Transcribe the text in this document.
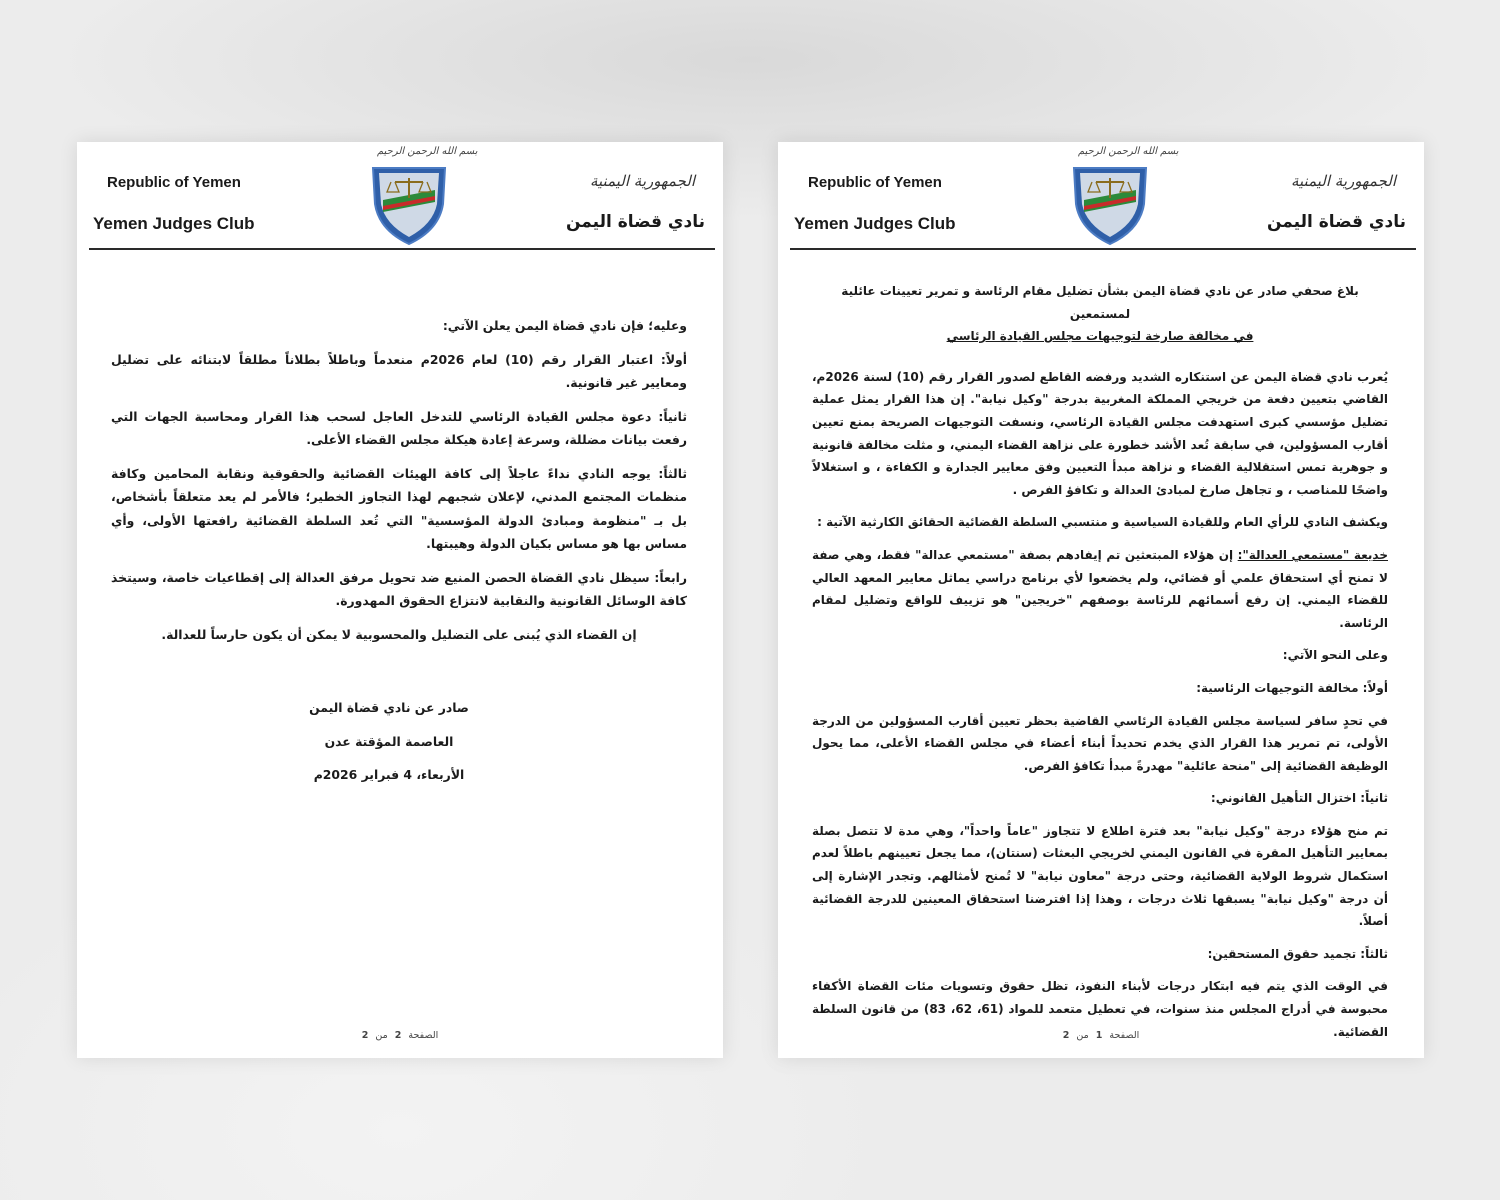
Republic of Yemen
Yemen Judges Club
بسم الله الرحمن الرحيم
الجمهورية اليمنية
نادي قضاة اليمن

وعليه؛ فإن نادي قضاة اليمن يعلن الآتي:

أولاً: اعتبار القرار رقم (10) لعام 2026م منعدماً وباطلاً بطلاناً مطلقاً لابتنائه على تضليل ومعايير غير قانونية.

ثانياً: دعوة مجلس القيادة الرئاسي للتدخل العاجل لسحب هذا القرار ومحاسبة الجهات التي رفعت بيانات مضللة، وسرعة إعادة هيكلة مجلس القضاء الأعلى.

ثالثاً: يوجه النادي نداءً عاجلاً إلى كافة الهيئات القضائية والحقوقية ونقابة المحامين وكافة منظمات المجتمع المدني، لإعلان شجبهم لهذا التجاوز الخطير؛ فالأمر لم يعد متعلقاً بأشخاص، بل بـ "منظومة ومبادئ الدولة المؤسسية" التي تُعد السلطة القضائية رافعتها الأولى، وأي مساس بها هو مساس بكيان الدولة وهيبتها.

رابعاً: سيظل نادي القضاة الحصن المنيع ضد تحويل مرفق العدالة إلى إقطاعيات خاصة، وسيتخذ كافة الوسائل القانونية والنقابية لانتزاع الحقوق المهدورة.

إن القضاء الذي يُبنى على التضليل والمحسوبية لا يمكن أن يكون حارساً للعدالة.

صادر عن نادي قضاة اليمن

العاصمة المؤقتة عدن

الأربعاء، 4 فبراير 2026م

الصفحة 2 من 2
Republic of Yemen
Yemen Judges Club
بسم الله الرحمن الرحيم
الجمهورية اليمنية
نادي قضاة اليمن
بلاغ صحفي صادر عن نادي قضاة اليمن بشأن تضليل مقام الرئاسة و تمرير تعيينات عائلية لمستمعين
في مخالفة صارخة لتوجيهات مجلس القيادة الرئاسي

يُعرب نادي قضاة اليمن عن استنكاره الشديد ورفضه القاطع لصدور القرار رقم (10) لسنة 2026م، القاضي بتعيين دفعة من خريجي المملكة المغربية بدرجة "وكيل نيابة". إن هذا القرار يمثل عملية تضليل مؤسسي كبرى استهدفت مجلس القيادة الرئاسي، ونسفت التوجيهات الصريحة بمنع تعيين أقارب المسؤولين، في سابقة تُعد الأشد خطورة على نزاهة القضاء اليمني، و مثلت مخالفة قانونية و جوهرية تمس استقلالية القضاء و نزاهة مبدأ التعيين وفق معايير الجدارة و الكفاءة ، و استغلالاً واضحًا للمناصب ، و تجاهل صارخ لمبادئ العدالة و تكافؤ الفرص .

ويكشف النادي للرأي العام وللقيادة السياسية و منتسبي السلطة القضائية الحقائق الكارثية الآتية :

خديعة "مستمعي العدالة": إن هؤلاء المبتعثين تم إيفادهم بصفة "مستمعي عدالة" فقط، وهي صفة لا تمنح أي استحقاق علمي أو قضائي، ولم يخضعوا لأي برنامج دراسي يماثل معايير المعهد العالي للقضاء اليمني. إن رفع أسمائهم للرئاسة بوصفهم "خريجين" هو تزييف للواقع وتضليل لمقام الرئاسة.

وعلى النحو الآتي:

أولاً: مخالفة التوجيهات الرئاسية:

في تحدٍ سافر لسياسة مجلس القيادة الرئاسي القاضية بحظر تعيين أقارب المسؤولين من الدرجة الأولى، تم تمرير هذا القرار الذي يخدم تحديداً أبناء أعضاء في مجلس القضاء الأعلى، مما يحول الوظيفة القضائية إلى "منحة عائلية" مهدرةً مبدأ تكافؤ الفرص.

ثانياً: اختزال التأهيل القانوني:

تم منح هؤلاء درجة "وكيل نيابة" بعد فترة اطلاع لا تتجاوز "عاماً واحداً"، وهي مدة لا تتصل بصلة بمعايير التأهيل المقرة في القانون اليمني لخريجي البعثات (سنتان)، مما يجعل تعيينهم باطلاً لعدم استكمال شروط الولاية القضائية، وحتى درجة "معاون نيابة" لا تُمنح لأمثالهم. وتجدر الإشارة إلى أن درجة "وكيل نيابة" يسبقها ثلاث درجات ، وهذا إذا افترضنا استحقاق المعينين للدرجة القضائية أصلاً.

ثالثاً: تجميد حقوق المستحقين:

في الوقت الذي يتم فيه ابتكار درجات لأبناء النفوذ، تظل حقوق وتسويات مئات القضاة الأكفاء محبوسة في أدراج المجلس منذ سنوات، في تعطيل متعمد للمواد (61، 62، 83) من قانون السلطة القضائية.

الصفحة 1 من 2
